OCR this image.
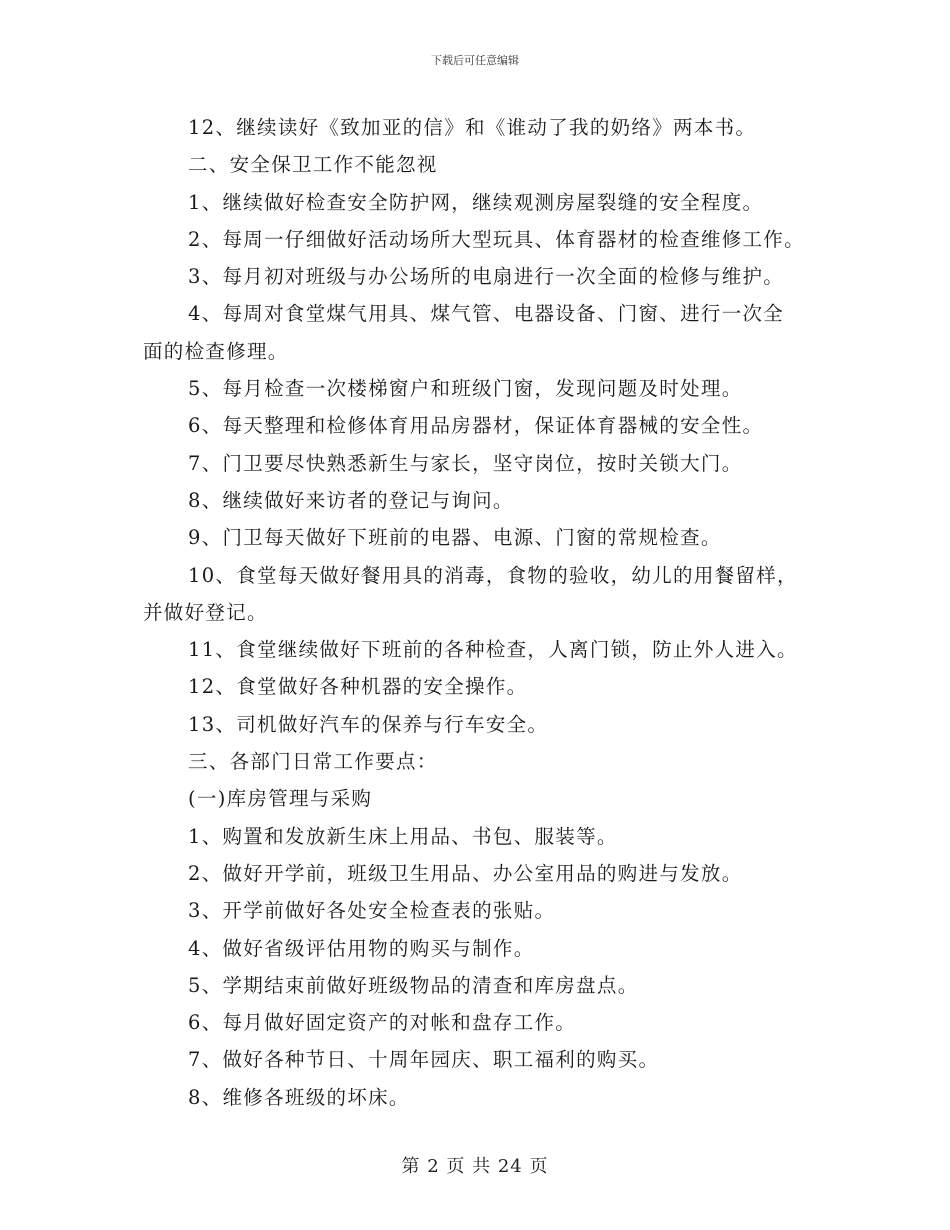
下载后可任意编辑
12、继续读好《致加亚的信》和《谁动了我的奶络》两本书。
二、安全保卫工作不能忽视
1、继续做好检查安全防护网，继续观测房屋裂缝的安全程度。
2、每周一仔细做好活动场所大型玩具、体育器材的检查维修工作。
3、每月初对班级与办公场所的电扇进行一次全面的检修与维护。
4、每周对食堂煤气用具、煤气管、电器设备、门窗、进行一次全
面的检查修理。
5、每月检查一次楼梯窗户和班级门窗，发现问题及时处理。
6、每天整理和检修体育用品房器材，保证体育器械的安全性。
7、门卫要尽快熟悉新生与家长，坚守岗位，按时关锁大门。
8、继续做好来访者的登记与询问。
9、门卫每天做好下班前的电器、电源、门窗的常规检查。
10、食堂每天做好餐用具的消毒，食物的验收，幼儿的用餐留样，
并做好登记。
11、食堂继续做好下班前的各种检查，人离门锁，防止外人进入。
12、食堂做好各种机器的安全操作。
13、司机做好汽车的保养与行车安全。
三、各部门日常工作要点：
(一)库房管理与采购
1、购置和发放新生床上用品、书包、服装等。
2、做好开学前，班级卫生用品、办公室用品的购进与发放。
3、开学前做好各处安全检查表的张贴。
4、做好省级评估用物的购买与制作。
5、学期结束前做好班级物品的清查和库房盘点。
6、每月做好固定资产的对帐和盘存工作。
7、做好各种节日、十周年园庆、职工福利的购买。
8、维修各班级的坏床。
第 2 页 共 24 页
